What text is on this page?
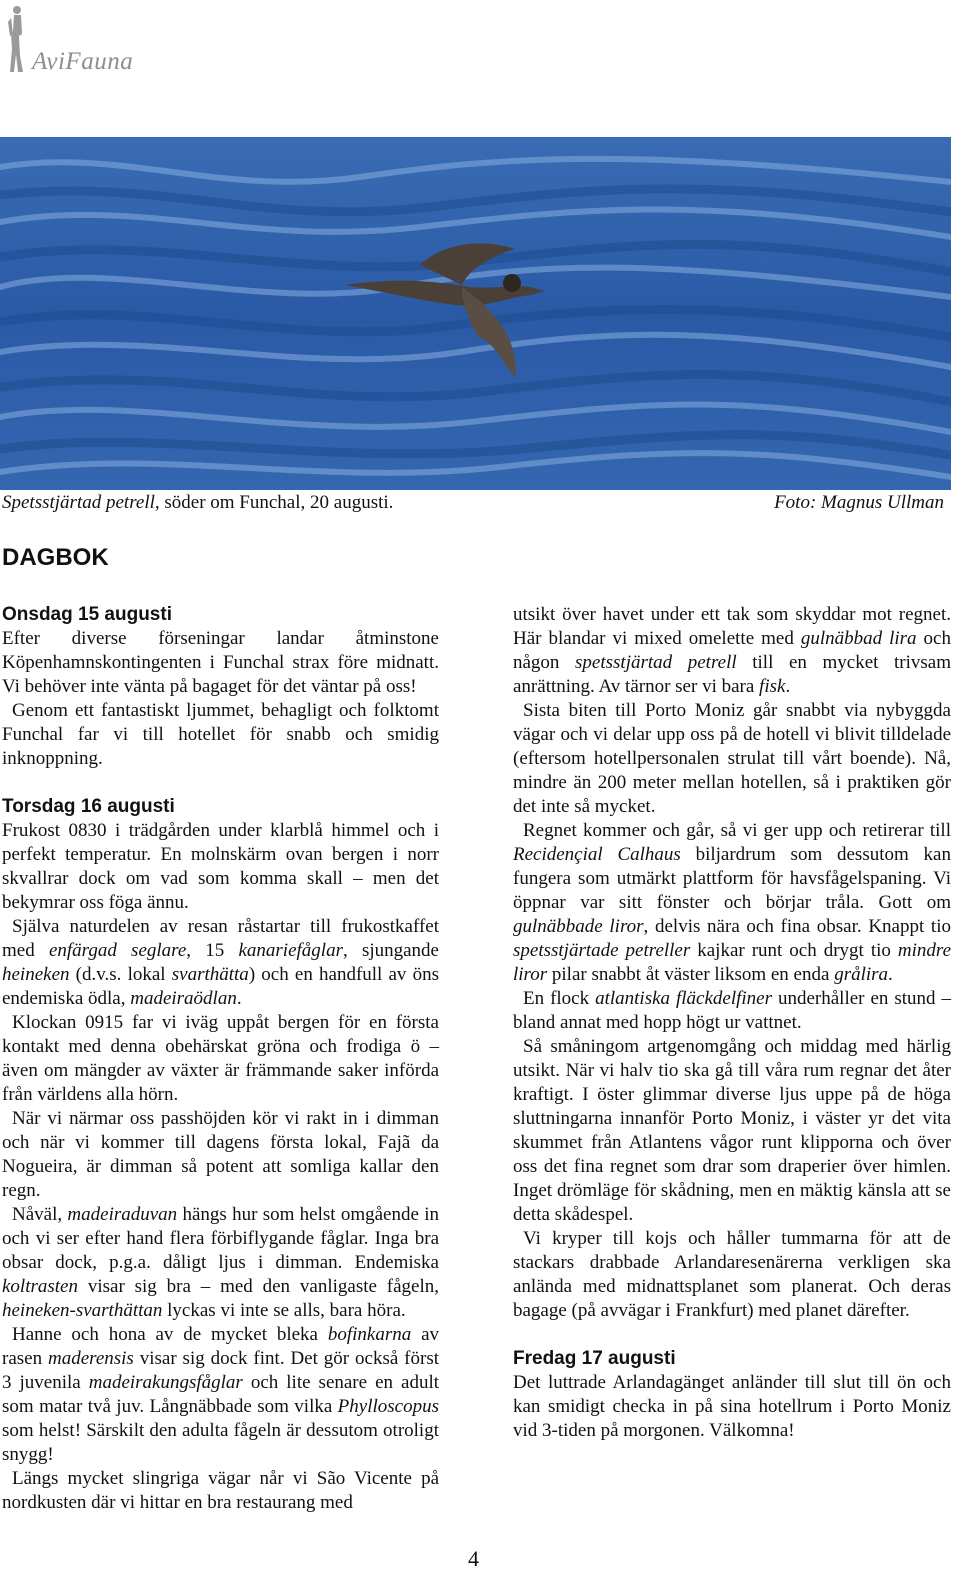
AviFauna
Spetsstjärtad petrell, söder om Funchal, 20 augusti.	Foto: Magnus Ullman
DAGBOK
Onsdag 15 augusti

Efter diverse förseningar landar åtminstone Köpenhamnskontingenten i Funchal strax före midnatt. Vi behöver inte vänta på bagaget för det väntar på oss!

Genom ett fantastiskt ljummet, behagligt och folktomt Funchal far vi till hotellet för snabb och smidig inknoppning.

Torsdag 16 augusti

Frukost 0830 i trädgården under klarblå himmel och i perfekt temperatur. En molnskärm ovan bergen i norr skvallrar dock om vad som komma skall – men det bekymrar oss föga ännu.

Själva naturdelen av resan råstartar till frukostkaffet med enfärgad seglare, 15 kanariefåglar, sjungande heineken (d.v.s. lokal svarthätta) och en handfull av öns endemiska ödla, madeiraödlan.

Klockan 0915 far vi iväg uppåt bergen för en första kontakt med denna obehärskat gröna och frodiga ö – även om mängder av växter är främmande saker införda från världens alla hörn.

När vi närmar oss passhöjden kör vi rakt in i dimman och när vi kommer till dagens första lokal, Fajã da Nogueira, är dimman så potent att somliga kallar den regn.

Nåväl, madeiraduvan hängs hur som helst omgående in och vi ser efter hand flera förbiflygande fåglar. Inga bra obsar dock, p.g.a. dåligt ljus i dimman. Endemiska koltrasten visar sig bra – med den vanligaste fågeln, heineken-svarthättan lyckas vi inte se alls, bara höra.

Hanne och hona av de mycket bleka bofinkarna av rasen maderensis visar sig dock fint. Det gör också först 3 juvenila madeirakungsfåglar och lite senare en adult som matar två juv. Långnäbbade som vilka Phylloscopus som helst! Särskilt den adulta fågeln är dessutom otroligt snygg!

Längs mycket slingriga vägar når vi São Vicente på nordkusten där vi hittar en bra restaurang med

utsikt över havet under ett tak som skyddar mot regnet. Här blandar vi mixed omelette med gulnäbbad lira och någon spetsstjärtad petrell till en mycket trivsam anrättning. Av tärnor ser vi bara fisk.

Sista biten till Porto Moniz går snabbt via nybyggda vägar och vi delar upp oss på de hotell vi blivit tilldelade (eftersom hotellpersonalen strulat till vårt boende). Nå, mindre än 200 meter mellan hotellen, så i praktiken gör det inte så mycket.

Regnet kommer och går, så vi ger upp och retirerar till Recidençial Calhaus biljardrum som dessutom kan fungera som utmärkt plattform för havsfågelspaning. Vi öppnar var sitt fönster och börjar tråla. Gott om gulnäbbade liror, delvis nära och fina obsar. Knappt tio spetsstjärtade petreller kajkar runt och drygt tio mindre liror pilar snabbt åt väster liksom en enda grålira.

En flock atlantiska fläckdelfiner underhåller en stund – bland annat med hopp högt ur vattnet.

Så småningom artgenomgång och middag med härlig utsikt. När vi halv tio ska gå till våra rum regnar det åter kraftigt. I öster glimmar diverse ljus uppe på de höga sluttningarna innanför Porto Moniz, i väster yr det vita skummet från Atlantens vågor runt klipporna och över oss det fina regnet som drar som draperier över himlen. Inget drömläge för skådning, men en mäktig känsla att se detta skådespel.

Vi kryper till kojs och håller tummarna för att de stackars drabbade Arlandaresenärerna verkligen ska anlända med midnattsplanet som planerat. Och deras bagage (på avvägar i Frankfurt) med planet därefter.

Fredag 17 augusti

Det luttrade Arlandagänget anländer till slut till ön och kan smidigt checka in på sina hotellrum i Porto Moniz vid 3-tiden på morgonen. Välkomna!

4
